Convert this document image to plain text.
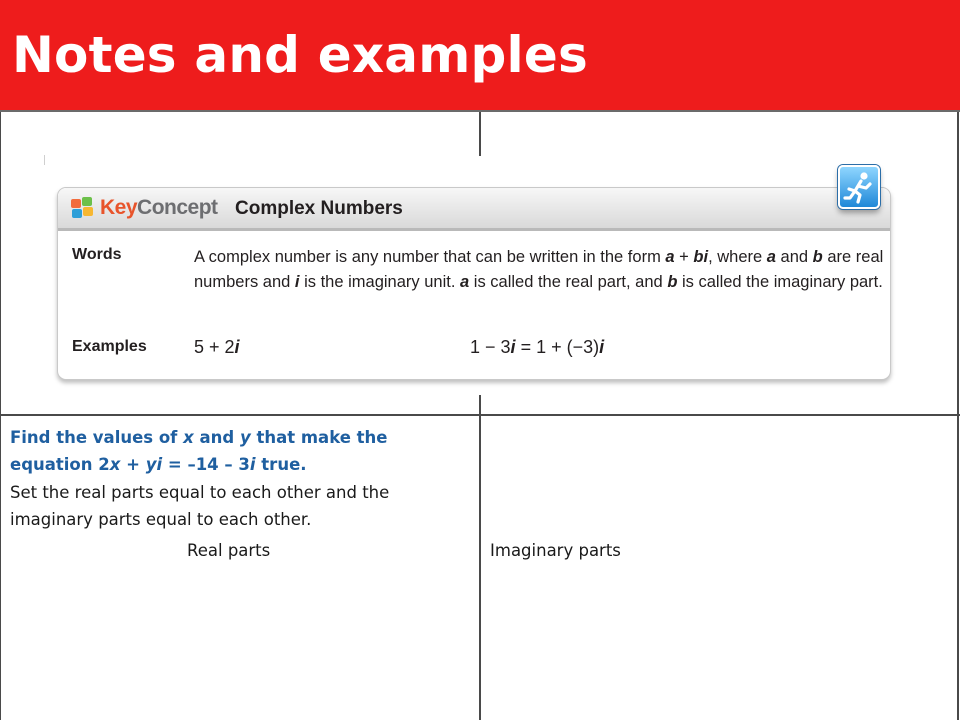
Notes and examples
KeyConcept Complex Numbers
Words	A complex number is any number that can be written in the form a + bi, where a and b are real numbers and i is the imaginary unit. a is called the real part, and b is called the imaginary part.
Examples	5 + 2i	1 − 3i = 1 + (−3)i
Find the values of x and y that make the equation 2x + yi = –14 – 3i true.
Set the real parts equal to each other and the imaginary parts equal to each other.
Real parts	Imaginary parts
